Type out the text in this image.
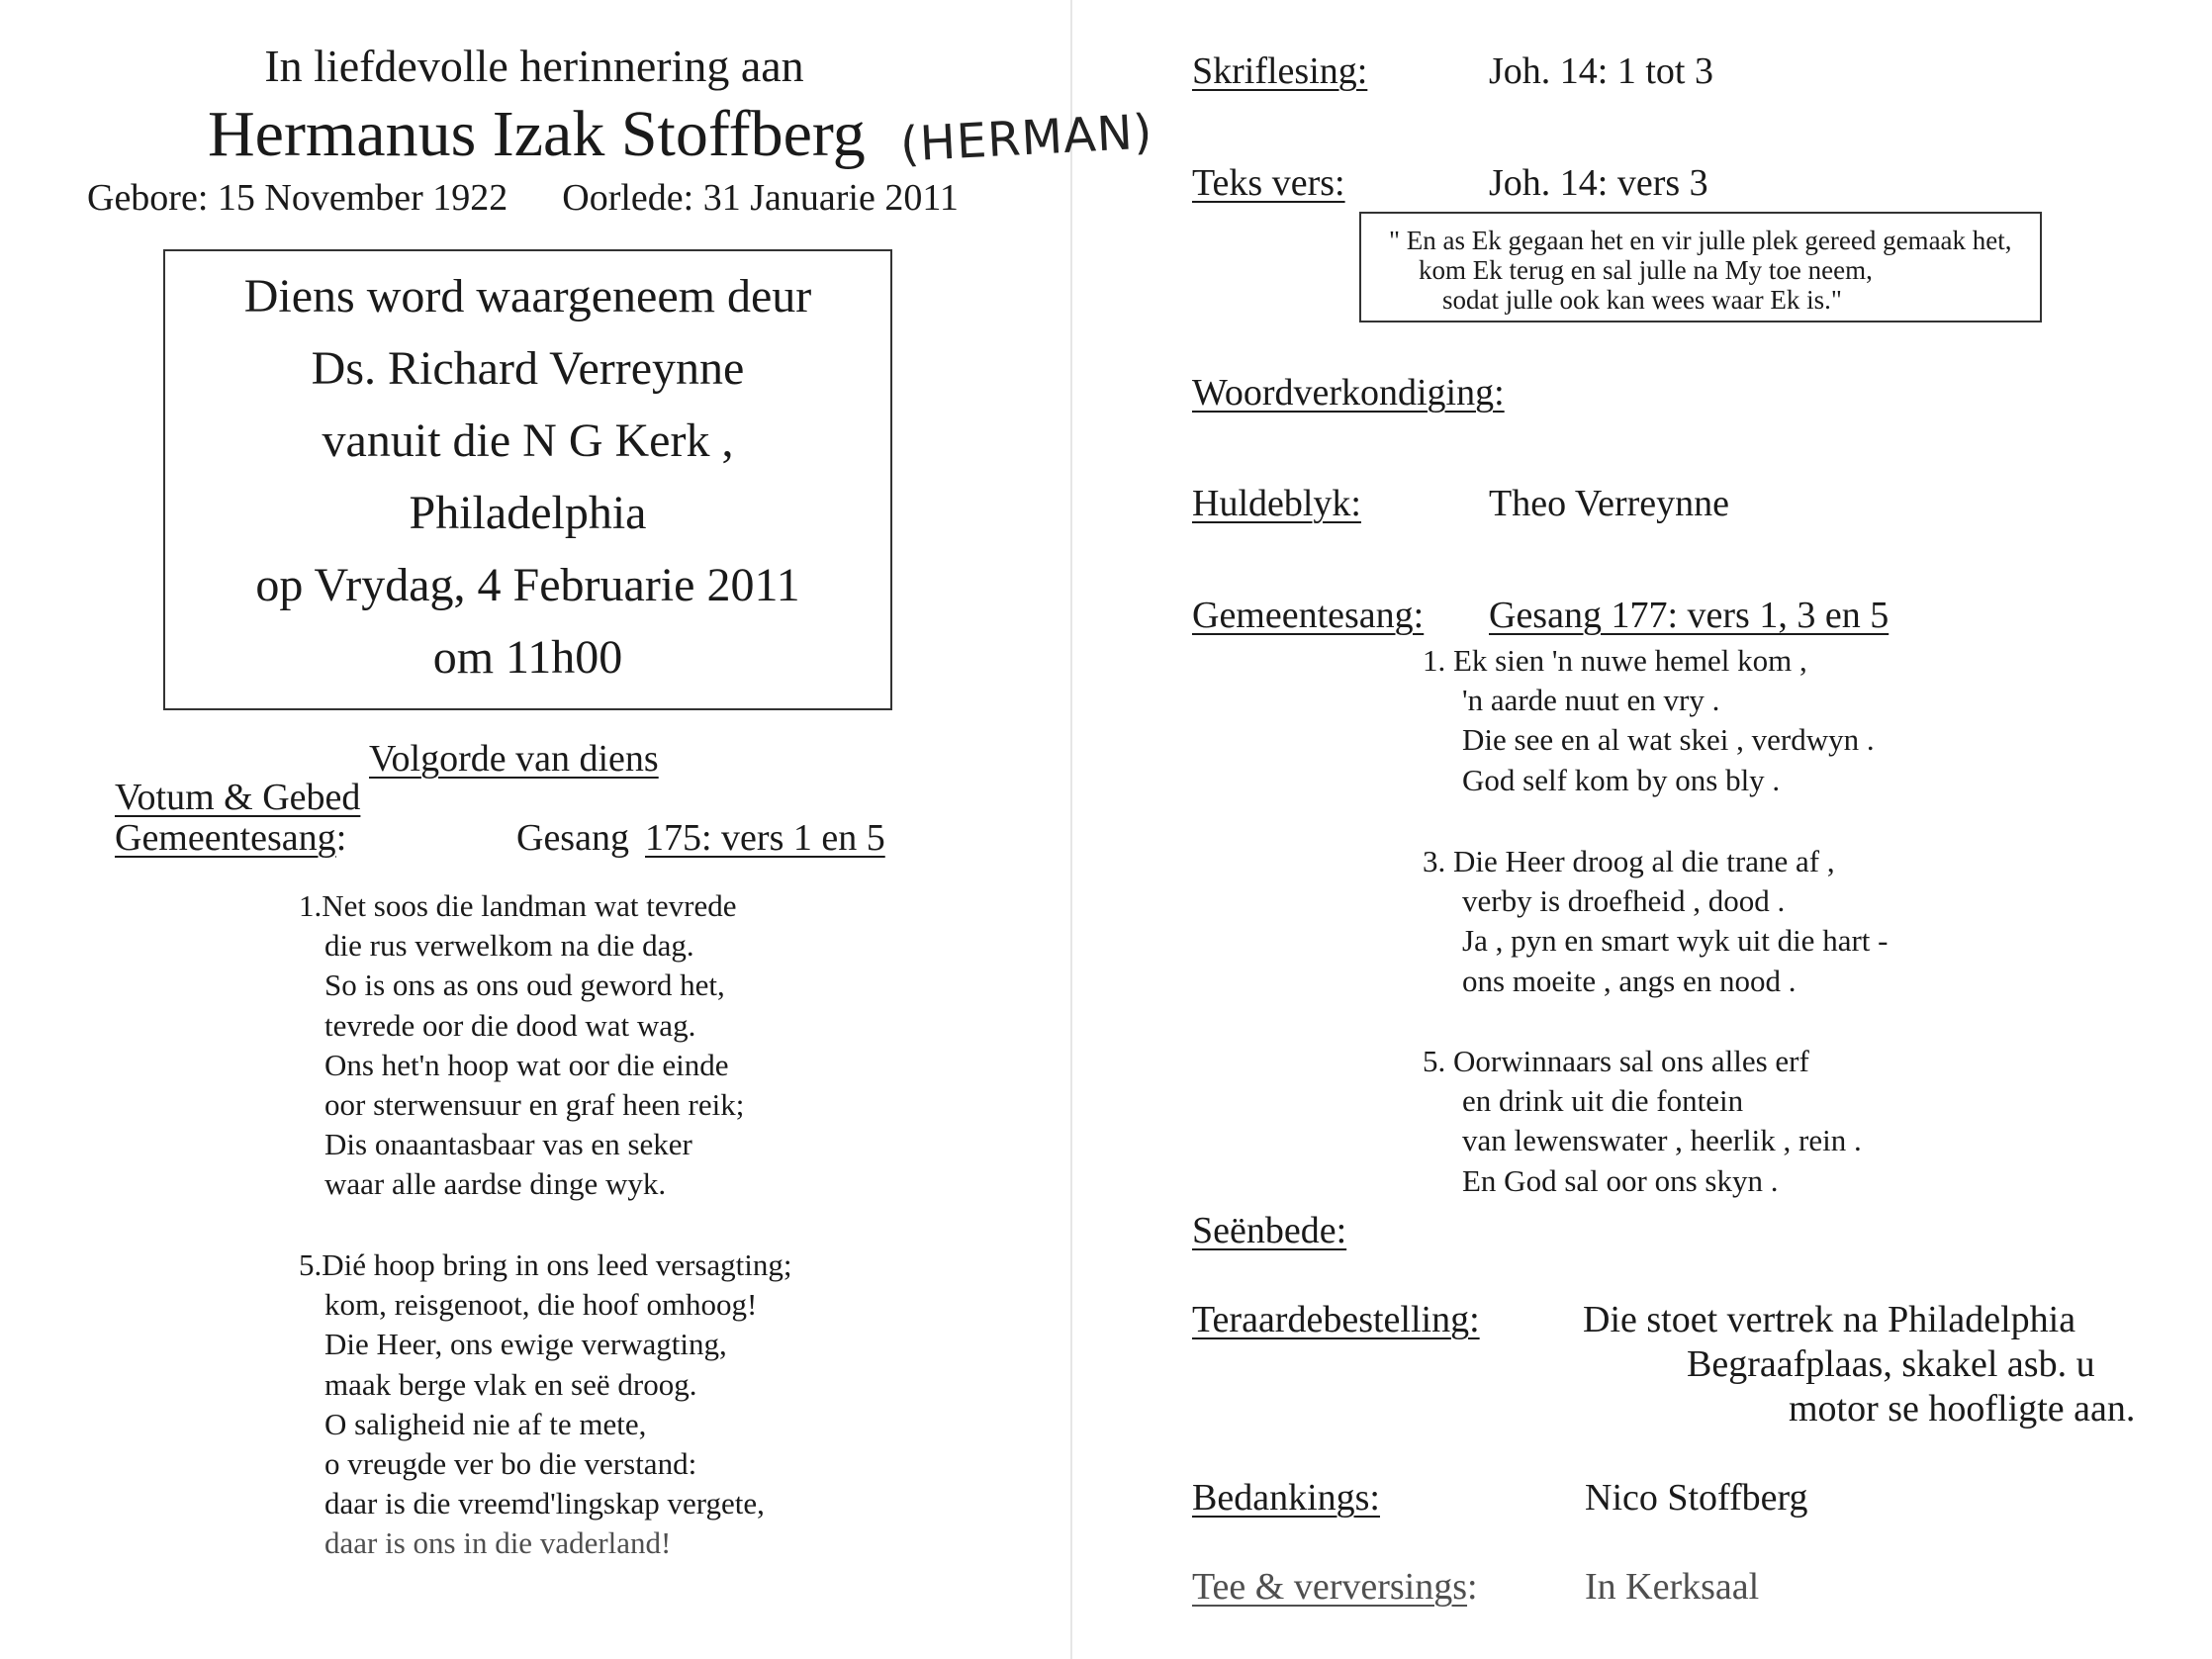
In liefdevolle herinnering aan
Hermanus Izak Stoffberg (HERMAN)
Gebore: 15 November 1922 Oorlede: 31 Januarie 2011
Diens word waargeneem deur
Ds. Richard Verreynne
vanuit die N G Kerk ,
Philadelphia
op Vrydag, 4 Februarie 2011
om 11h00
Volgorde van diens
Votum & Gebed
Gemeentesang:	Gesang 175: vers 1 en 5
1.Net soos die landman wat tevrede
die rus verwelkom na die dag.
So is ons as ons oud geword het,
tevrede oor die dood wat wag.
Ons het'n hoop wat oor die einde
oor sterwensuur en graf heen reik;
Dis onaantasbaar vas en seker
waar alle aardse dinge wyk.
5.Dié hoop bring in ons leed versagting;
kom, reisgenoot, die hoof omhoog!
Die Heer, ons ewige verwagting,
maak berge vlak en seë droog.
O saligheid nie af te mete,
o vreugde ver bo die verstand:
daar is die vreemd'lingskap vergete,
daar is ons in die vaderland!
Skriflesing:	Joh. 14: 1 tot 3
Teks vers:	Joh. 14: vers 3
" En as Ek gegaan het en vir julle plek gereed gemaak het,
kom Ek terug en sal julle na My toe neem,
sodat julle ook kan wees waar Ek is."
Woordverkondiging:
Huldeblyk:	Theo Verreynne
Gemeentesang: Gesang 177: vers 1, 3 en 5
1. Ek sien 'n nuwe hemel kom ,
'n aarde nuut en vry .
Die see en al wat skei , verdwyn .
God self kom by ons bly .
3. Die Heer droog al die trane af ,
verby is droefheid , dood .
Ja , pyn en smart wyk uit die hart -
ons moeite , angs en nood .
5. Oorwinnaars sal ons alles erf
en drink uit die fontein
van lewenswater , heerlik , rein .
En God sal oor ons skyn .
Seënbede:
Teraardebestelling:	Die stoet vertrek na Philadelphia
Begraafplaas, skakel asb. u
motor se hoofligte aan.
Bedankings:	Nico Stoffberg
Tee & verversings:	In Kerksaal
